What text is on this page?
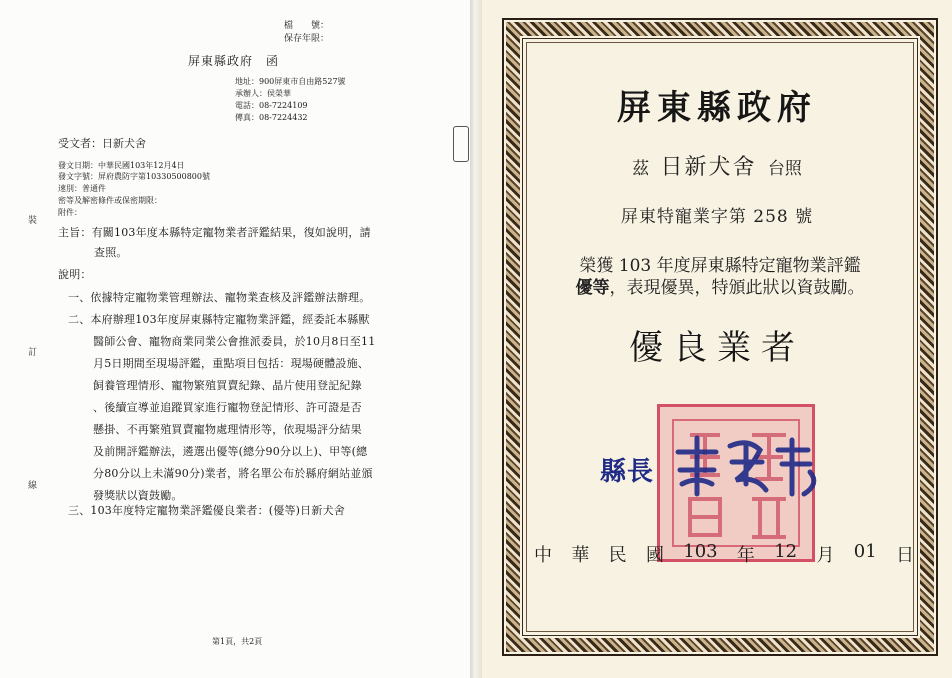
檔　　號：
保存年限：
屏東縣政府　函
地址：900屏東市自由路527號
承辦人：侯榮華
電話：08-7224109
傳真：08-7224432
受文者：日新犬舍
發文日期：中華民國103年12月4日
發文字號：屏府農防字第10330500800號
速別：普通件
密等及解密條件或保密期限：
附件：
主旨：有關103年度本縣特定寵物業者評鑑結果，復如說明，請
查照。
說明：
一、依據特定寵物業管理辦法、寵物業查核及評鑑辦法辦理。
二、本府辦理103年度屏東縣特定寵物業評鑑，經委託本縣獸
醫師公會、寵物商業同業公會推派委員，於10月8日至11
月5日期間至現場評鑑，重點項目包括：現場硬體設施、
飼養管理情形、寵物繁殖買賣紀錄、晶片使用登記紀錄
、後續宣導並追蹤買家進行寵物登記情形、許可證是否
懸掛、不再繁殖買賣寵物處理情形等，依現場評分結果
及前開評鑑辦法，遴選出優等(總分90分以上)、甲等(總
分80分以上未滿90分)業者，將名單公布於縣府網站並頒
發獎狀以資鼓勵。
三、103年度特定寵物業評鑑優良業者：(優等)日新犬舍
裝
訂
線
第1頁，共2頁
屏東縣政府
茲 日新犬舍 台照
屏東特寵業字第 258 號
榮獲 103 年度屏東縣特定寵物業評鑑
優等，表現優異，特頒此狀以資鼓勵。
優良業者
縣長
中 華 民 國 103 年 12 月 01 日
